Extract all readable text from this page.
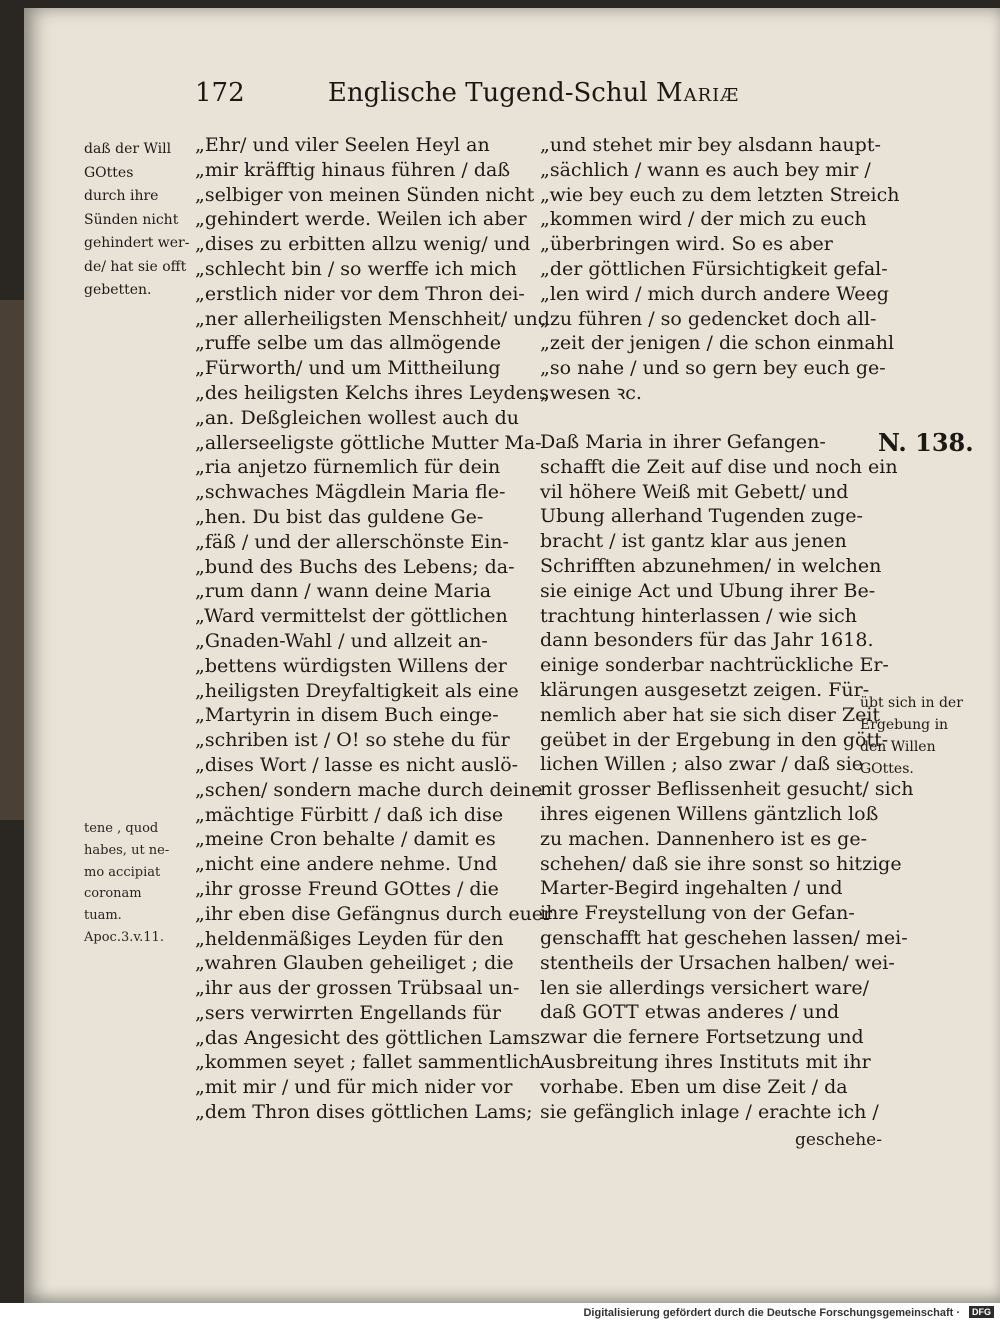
172	Englische Tugend-Schul Mariæ
daß der Will
GOttes
durch ihre
Sünden nicht
gehindert wer-
de/ hat sie offt
gebetten.
tene , quod
habes, ut ne-
mo accipiat
coronam
tuam.
Apoc.3.v.11.
„Ehr/ und viler Seelen Heyl an
„mir kräfftig hinaus führen / daß
„selbiger von meinen Sünden nicht
„gehindert werde. Weilen ich aber
„dises zu erbitten allzu wenig/ und
„schlecht bin / so werffe ich mich
„erstlich nider vor dem Thron dei-
„ner allerheiligsten Menschheit/ und
„ruffe selbe um das allmögende
„Fürworth/ und um Mittheilung
„des heiligsten Kelchs ihres Leydens
„an. Deßgleichen wollest auch du
„allerseeligste göttliche Mutter Ma-
„ria anjetzo fürnemlich für dein
„schwaches Mägdlein Maria fle-
„hen. Du bist das guldene Ge-
„fäß / und der allerschönste Ein-
„bund des Buchs des Lebens; da-
„rum dann / wann deine Maria
„Ward vermittelst der göttlichen
„Gnaden-Wahl / und allzeit an-
„bettens würdigsten Willens der
„heiligsten Dreyfaltigkeit als eine
„Martyrin in disem Buch einge-
„schriben ist / O! so stehe du für
„dises Wort / lasse es nicht auslö-
„schen/ sondern mache durch deine
„mächtige Fürbitt / daß ich dise
„meine Cron behalte / damit es
„nicht eine andere nehme. Und
„ihr grosse Freund GOttes / die
„ihr eben dise Gefängnus durch euer
„heldenmäßiges Leyden für den
„wahren Glauben geheiliget ; die
„ihr aus der grossen Trübsaal un-
„sers verwirrten Engellands für
„das Angesicht des göttlichen Lams
„kommen seyet ; fallet sammentlich
„mit mir / und für mich nider vor
„dem Thron dises göttlichen Lams;
„und stehet mir bey alsdann haupt-
„sächlich / wann es auch bey mir /
„wie bey euch zu dem letzten Streich
„kommen wird / der mich zu euch
„überbringen wird. So es aber
„der göttlichen Fürsichtigkeit gefal-
„len wird / mich durch andere Weeg
„zu führen / so gedencket doch all-
„zeit der jenigen / die schon einmahl
„so nahe / und so gern bey euch ge-
„wesen ꝛc.
N. 138.
Daß Maria in ihrer Gefangen-
schafft die Zeit auf dise und noch ein
vil höhere Weiß mit Gebett/ und
Ubung allerhand Tugenden zuge-
bracht / ist gantz klar aus jenen
Schrifften abzunehmen/ in welchen
sie einige Act und Ubung ihrer Be-
trachtung hinterlassen / wie sich
dann besonders für das Jahr 1618.
einige sonderbar nachtrückliche Er-
klärungen ausgesetzt zeigen. Für-
nemlich aber hat sie sich diser Zeit
geübet in der Ergebung in den gött-
lichen Willen ; also zwar / daß sie
mit grosser Beflissenheit gesucht/ sich
ihres eigenen Willens gäntzlich loß
zu machen. Dannenhero ist es ge-
schehen/ daß sie ihre sonst so hitzige
Marter-Begird ingehalten / und
ihre Freystellung von der Gefan-
genschafft hat geschehen lassen/ mei-
stentheils der Ursachen halben/ wei-
len sie allerdings versichert ware/
daß GOTT etwas anderes / und
zwar die fernere Fortsetzung und
Ausbreitung ihres Instituts mit ihr
vorhabe. Eben um dise Zeit / da
sie gefänglich inlage / erachte ich /
übt sich in der
Ergebung in
den Willen
GOttes.
geschehe-
Digitalisierung gefördert durch die Deutsche Forschungsgemeinschaft ·	DFG
